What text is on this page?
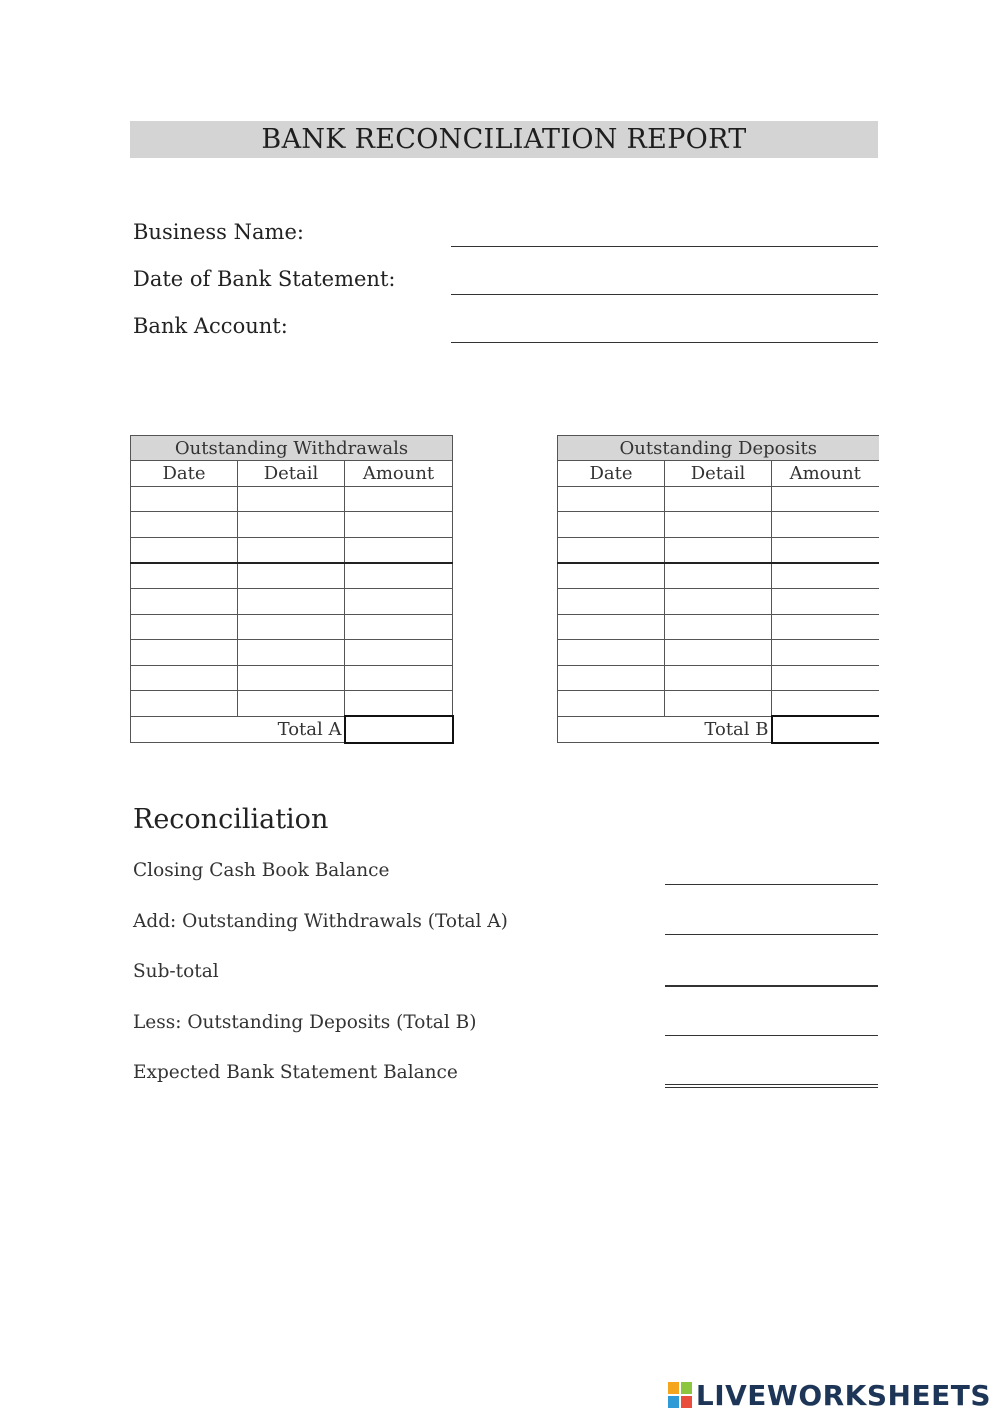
BANK RECONCILIATION REPORT
Business Name:
Date of Bank Statement:
Bank Account:
Outstanding Withdrawals		
Date	Detail	Amount

Total A		
Outstanding Deposits		
Date	Detail	Amount

Total B		
Reconciliation
Closing Cash Book Balance
Add: Outstanding Withdrawals (Total A)
Sub-total
Less: Outstanding Deposits (Total B)
Expected Bank Statement Balance
LIVEWORKSHEETS
